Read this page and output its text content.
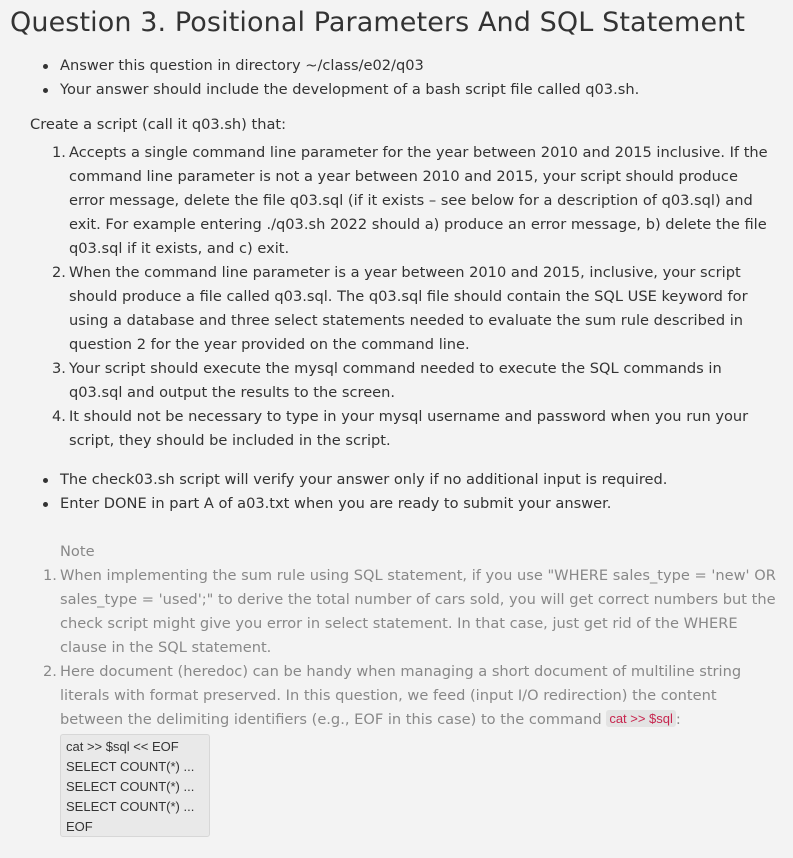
Question 3. Positional Parameters And SQL Statement
Answer this question in directory ~/class/e02/q03
Your answer should include the development of a bash script file called q03.sh.
Create a script (call it q03.sh) that:
1. Accepts a single command line parameter for the year between 2010 and 2015 inclusive. If the command line parameter is not a year between 2010 and 2015, your script should produce error message, delete the file q03.sql (if it exists – see below for a description of q03.sql) and exit. For example entering ./q03.sh 2022 should a) produce an error message, b) delete the file q03.sql if it exists, and c) exit.
2. When the command line parameter is a year between 2010 and 2015, inclusive, your script should produce a file called q03.sql. The q03.sql file should contain the SQL USE keyword for using a database and three select statements needed to evaluate the sum rule described in question 2 for the year provided on the command line.
3. Your script should execute the mysql command needed to execute the SQL commands in q03.sql and output the results to the screen.
4. It should not be necessary to type in your mysql username and password when you run your script, they should be included in the script.
The check03.sh script will verify your answer only if no additional input is required.
Enter DONE in part A of a03.txt when you are ready to submit your answer.
Note
1. When implementing the sum rule using SQL statement, if you use "WHERE sales_type = 'new' OR sales_type = 'used';" to derive the total number of cars sold, you will get correct numbers but the check script might give you error in select statement. In that case, just get rid of the WHERE clause in the SQL statement.
2. Here document (heredoc) can be handy when managing a short document of multiline string literals with format preserved. In this question, we feed (input I/O redirection) the content between the delimiting identifiers (e.g., EOF in this case) to the command cat >> $sql :
cat >> $sql << EOF
SELECT COUNT(*) ...
SELECT COUNT(*) ...
SELECT COUNT(*) ...
EOF
